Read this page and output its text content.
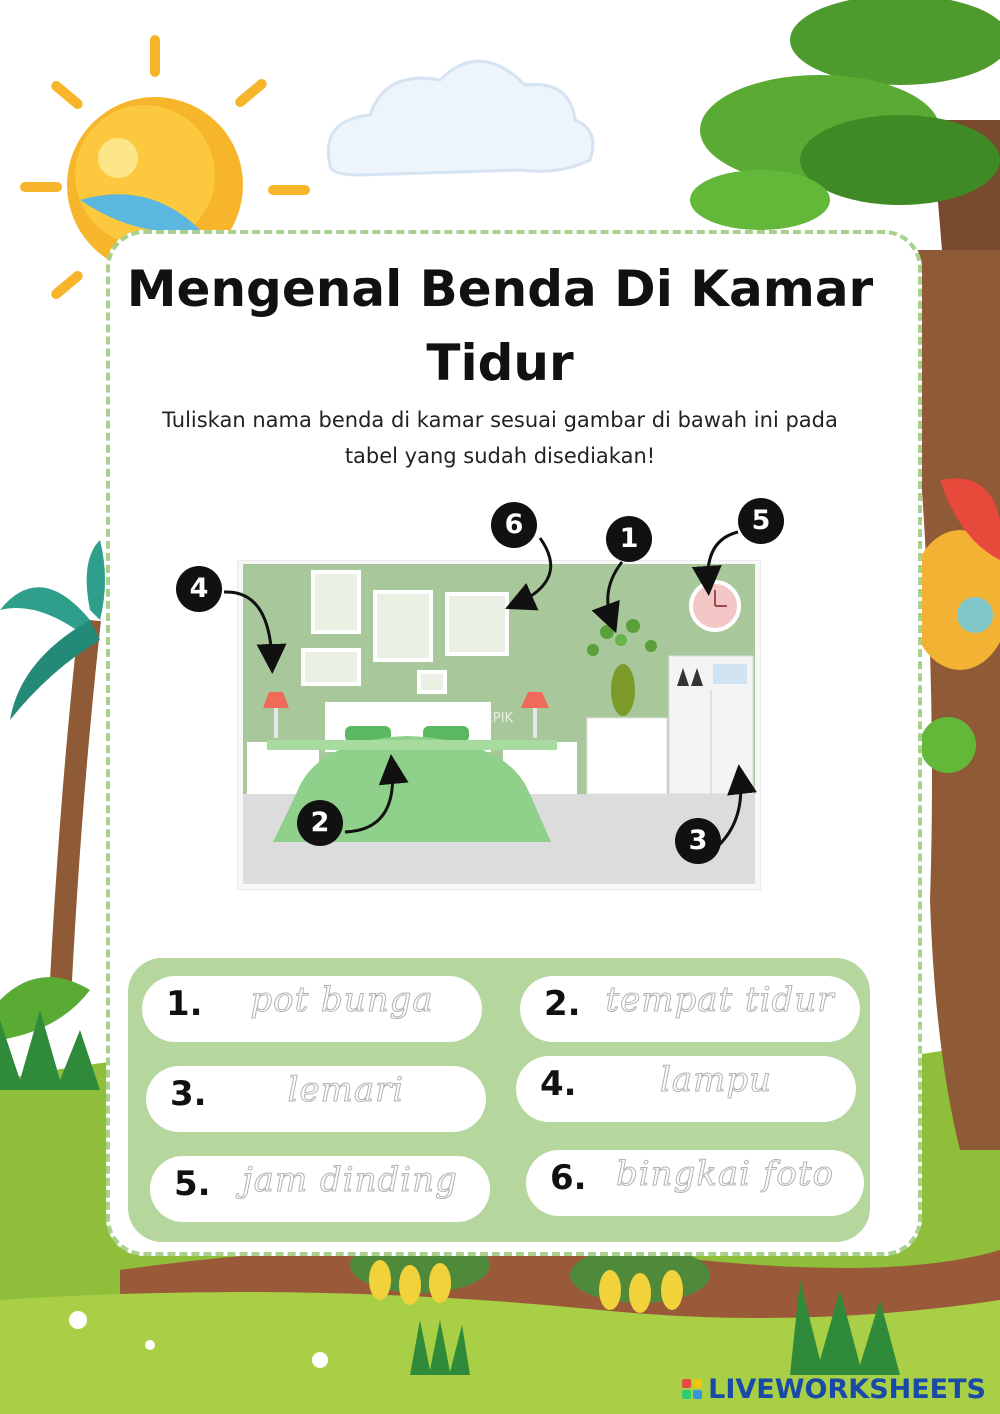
Mengenal Benda Di Kamar Tidur

Tuliskan nama benda di kamar sesuai gambar di bawah ini pada tabel yang sudah disediakan!

LOVEPIK
1
2
3
4
5
6
1.	pot bunga	2. tempat tidur
3.	lemari	4.	lampu
5. jam dinding	6. bingkai foto
LIVEWORKSHEETS
